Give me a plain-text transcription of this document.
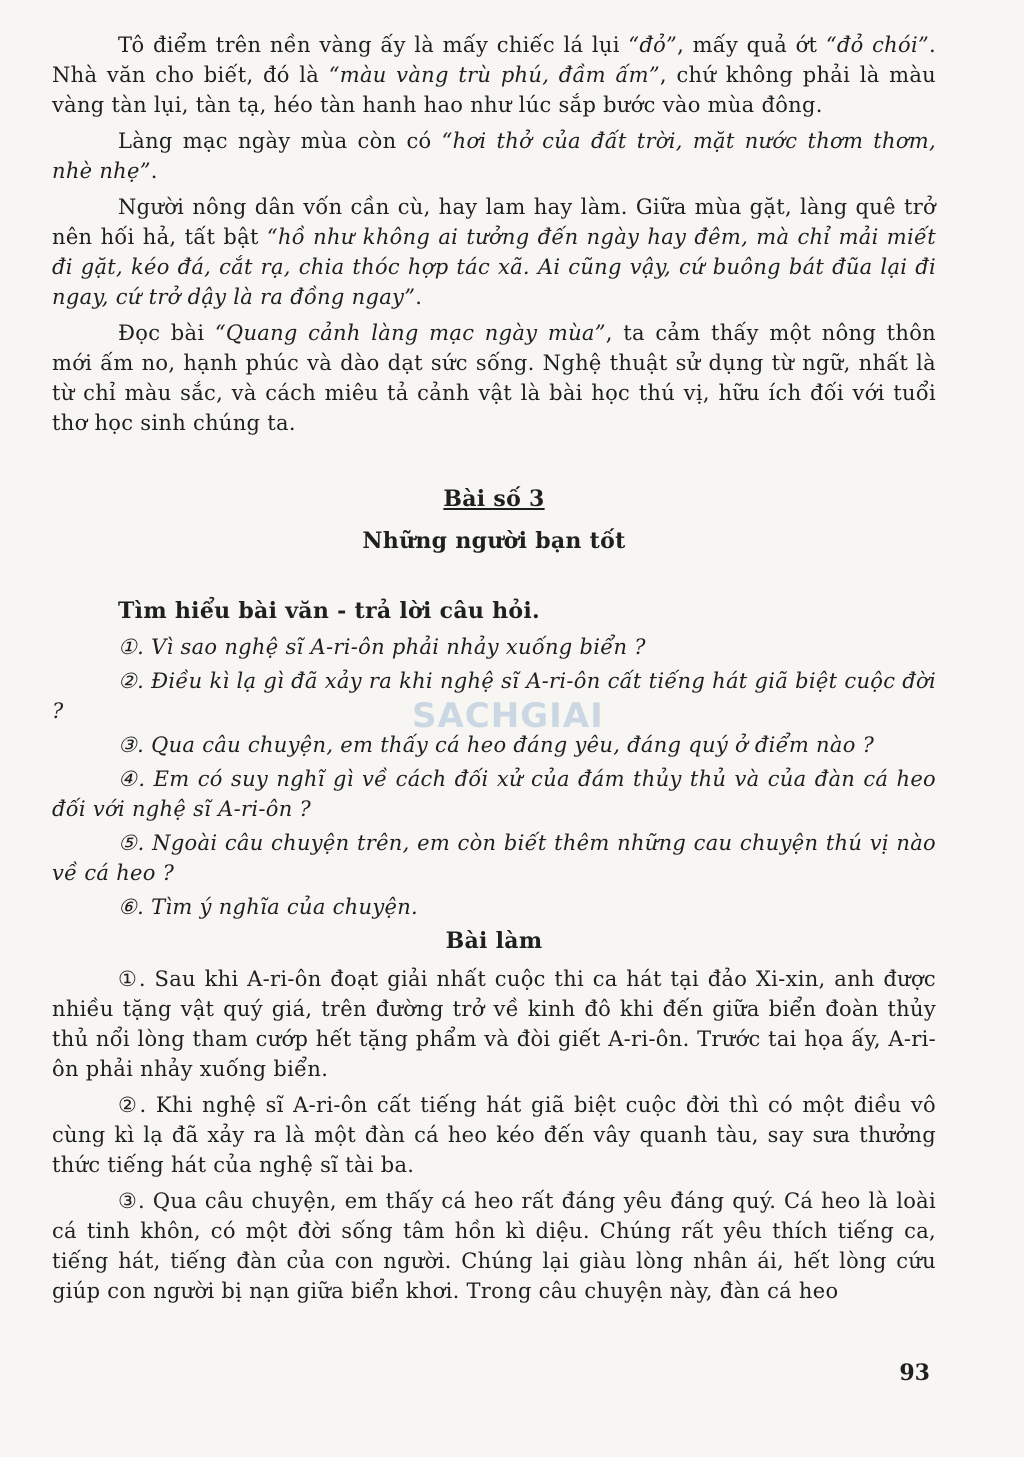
Tô điểm trên nền vàng ấy là mấy chiếc lá lụi “đỏ”, mấy quả ớt “đỏ chói”. Nhà văn cho biết, đó là “màu vàng trù phú, đầm ấm”, chứ không phải là màu vàng tàn lụi, tàn tạ, héo tàn hanh hao như lúc sắp bước vào mùa đông.

Làng mạc ngày mùa còn có “hơi thở của đất trời, mặt nước thơm thơm, nhè nhẹ”.

Người nông dân vốn cần cù, hay lam hay làm. Giữa mùa gặt, làng quê trở nên hối hả, tất bật “hồ như không ai tưởng đến ngày hay đêm, mà chỉ mải miết đi gặt, kéo đá, cắt rạ, chia thóc hợp tác xã. Ai cũng vậy, cứ buông bát đũa lại đi ngay, cứ trở dậy là ra đồng ngay”.

Đọc bài “Quang cảnh làng mạc ngày mùa”, ta cảm thấy một nông thôn mới ấm no, hạnh phúc và dào dạt sức sống. Nghệ thuật sử dụng từ ngữ, nhất là từ chỉ màu sắc, và cách miêu tả cảnh vật là bài học thú vị, hữu ích đối với tuổi thơ học sinh chúng ta.

Bài số 3

Những người bạn tốt

Tìm hiểu bài văn - trả lời câu hỏi.

①. Vì sao nghệ sĩ A-ri-ôn phải nhảy xuống biển ?

②. Điều kì lạ gì đã xảy ra khi nghệ sĩ A-ri-ôn cất tiếng hát giã biệt cuộc đời ?

③. Qua câu chuyện, em thấy cá heo đáng yêu, đáng quý ở điểm nào ?

④. Em có suy nghĩ gì về cách đối xử của đám thủy thủ và của đàn cá heo đối với nghệ sĩ A-ri-ôn ?

⑤. Ngoài câu chuyện trên, em còn biết thêm những cau chuyện thú vị nào về cá heo ?

⑥. Tìm ý nghĩa của chuyện.

Bài làm

①. Sau khi A-ri-ôn đoạt giải nhất cuộc thi ca hát tại đảo Xi-xin, anh được nhiều tặng vật quý giá, trên đường trở về kinh đô khi đến giữa biển đoàn thủy thủ nổi lòng tham cướp hết tặng phẩm và đòi giết A-ri-ôn. Trước tai họa ấy, A-ri-ôn phải nhảy xuống biển.

②. Khi nghệ sĩ A-ri-ôn cất tiếng hát giã biệt cuộc đời thì có một điều vô cùng kì lạ đã xảy ra là một đàn cá heo kéo đến vây quanh tàu, say sưa thưởng thức tiếng hát của nghệ sĩ tài ba.

③. Qua câu chuyện, em thấy cá heo rất đáng yêu đáng quý. Cá heo là loài cá tinh khôn, có một đời sống tâm hồn kì diệu. Chúng rất yêu thích tiếng ca, tiếng hát, tiếng đàn của con người. Chúng lại giàu lòng nhân ái, hết lòng cứu giúp con người bị nạn giữa biển khơi. Trong câu chuyện này, đàn cá heo

SACHGIAI
93
